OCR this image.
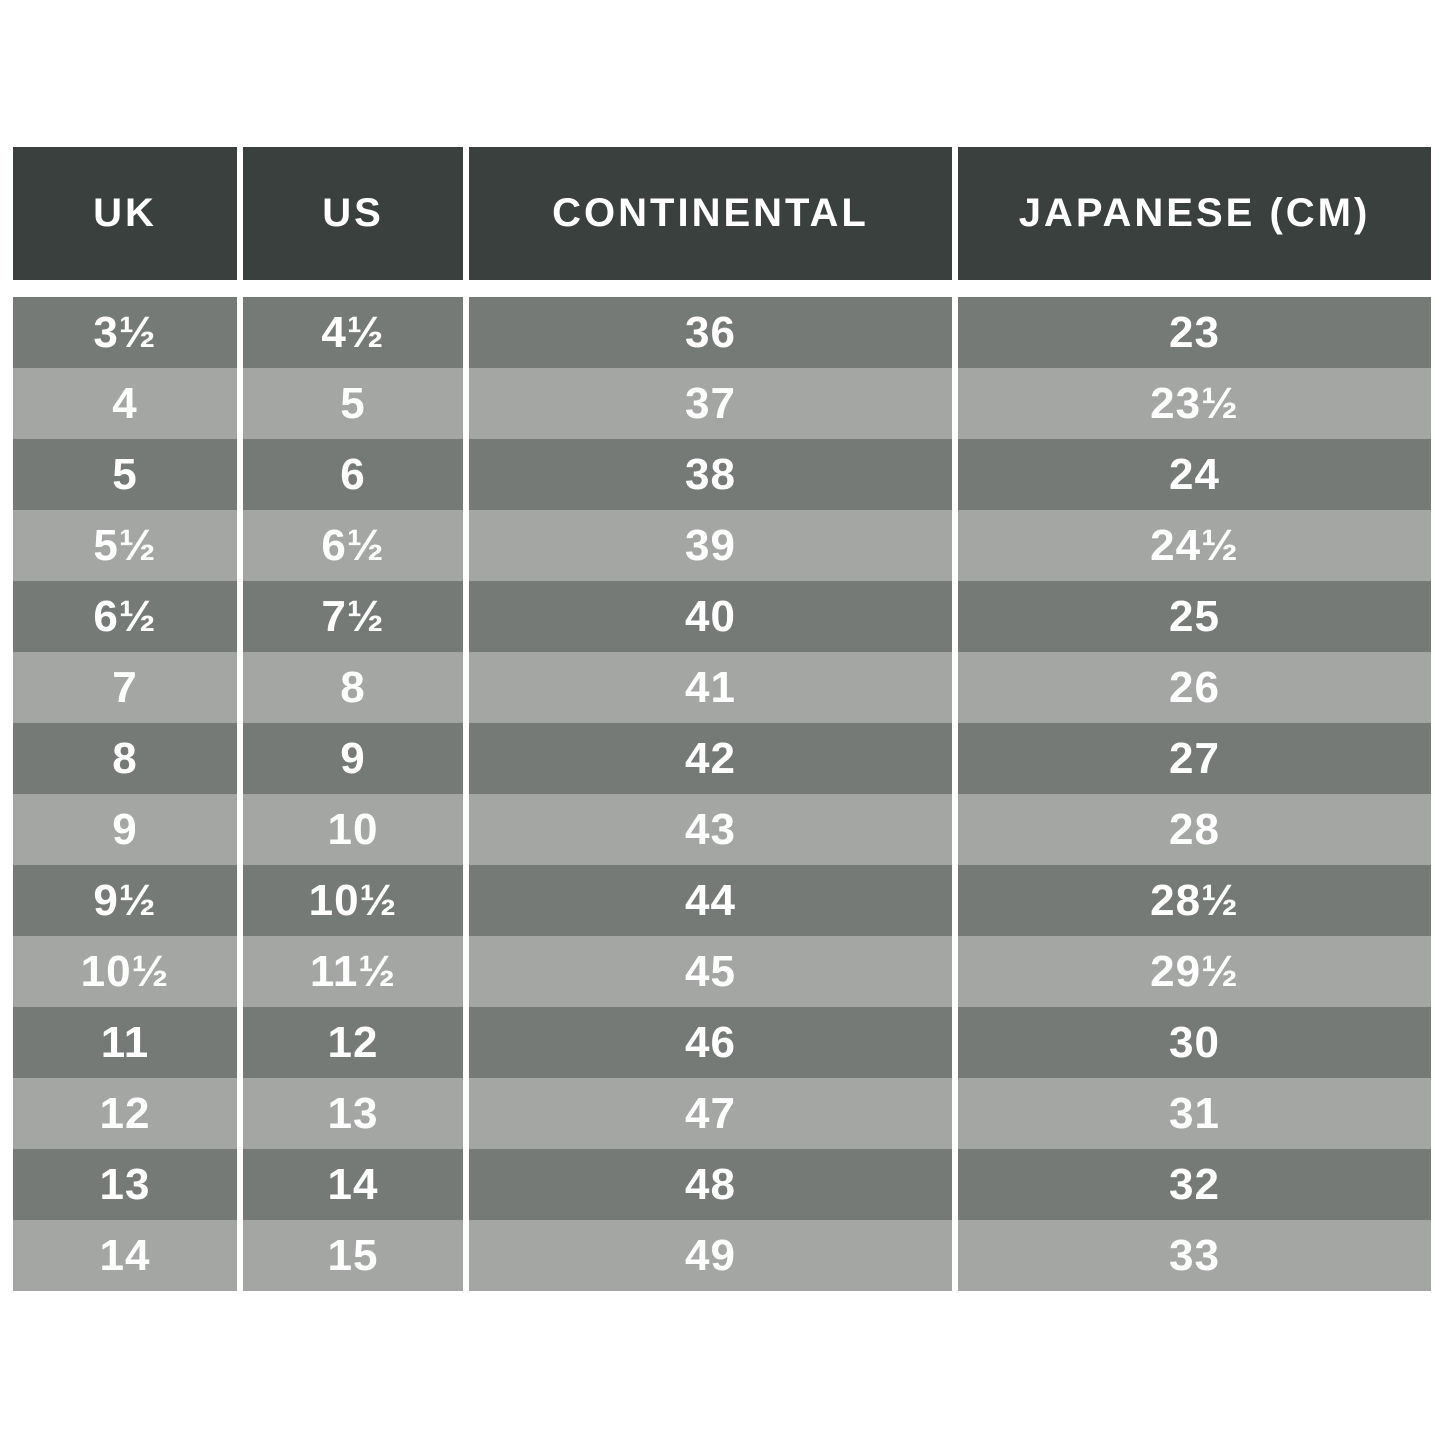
UK	US	CONTINENTAL	JAPANESE (CM)
3½	4½	36	23
4	5	37	23½
5	6	38	24
5½	6½	39	24½
6½	7½	40	25
7	8	41	26
8	9	42	27
9	10	43	28
9½	10½	44	28½
10½	11½	45	29½
11	12	46	30
12	13	47	31
13	14	48	32
14	15	49	33
